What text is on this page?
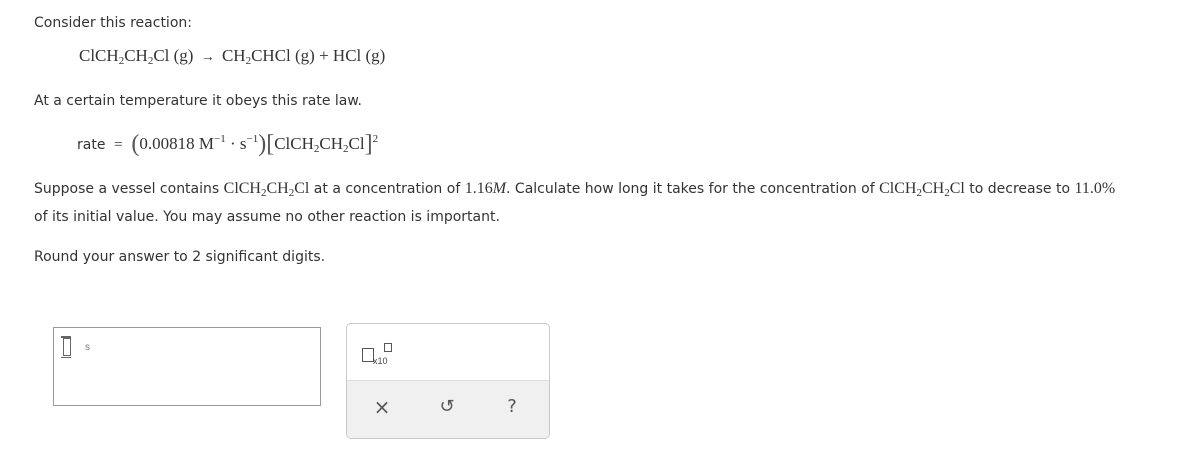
Consider this reaction:
$ClCH_2CH_2Cl$ $(g) \to CH_2CHCl$ (g) + HCl (g)
At a certain temperature it obeys this rate law.
rate = (0.00818 $M^{-1}$ · $s^{-1})[ClCH_2CH_2Cl]^2$
Suppose a vessel contains $ClCH_2CH_2Cl$ at a concentration of 1.16M. Calculate how long it takes for the concentration of $ClCH_2CH_2Cl$ to decrease to 11.0%
of its initial value. You may assume no other reaction is important.
Round your answer to 2 significant digits.
s
x10
×	↺	?
